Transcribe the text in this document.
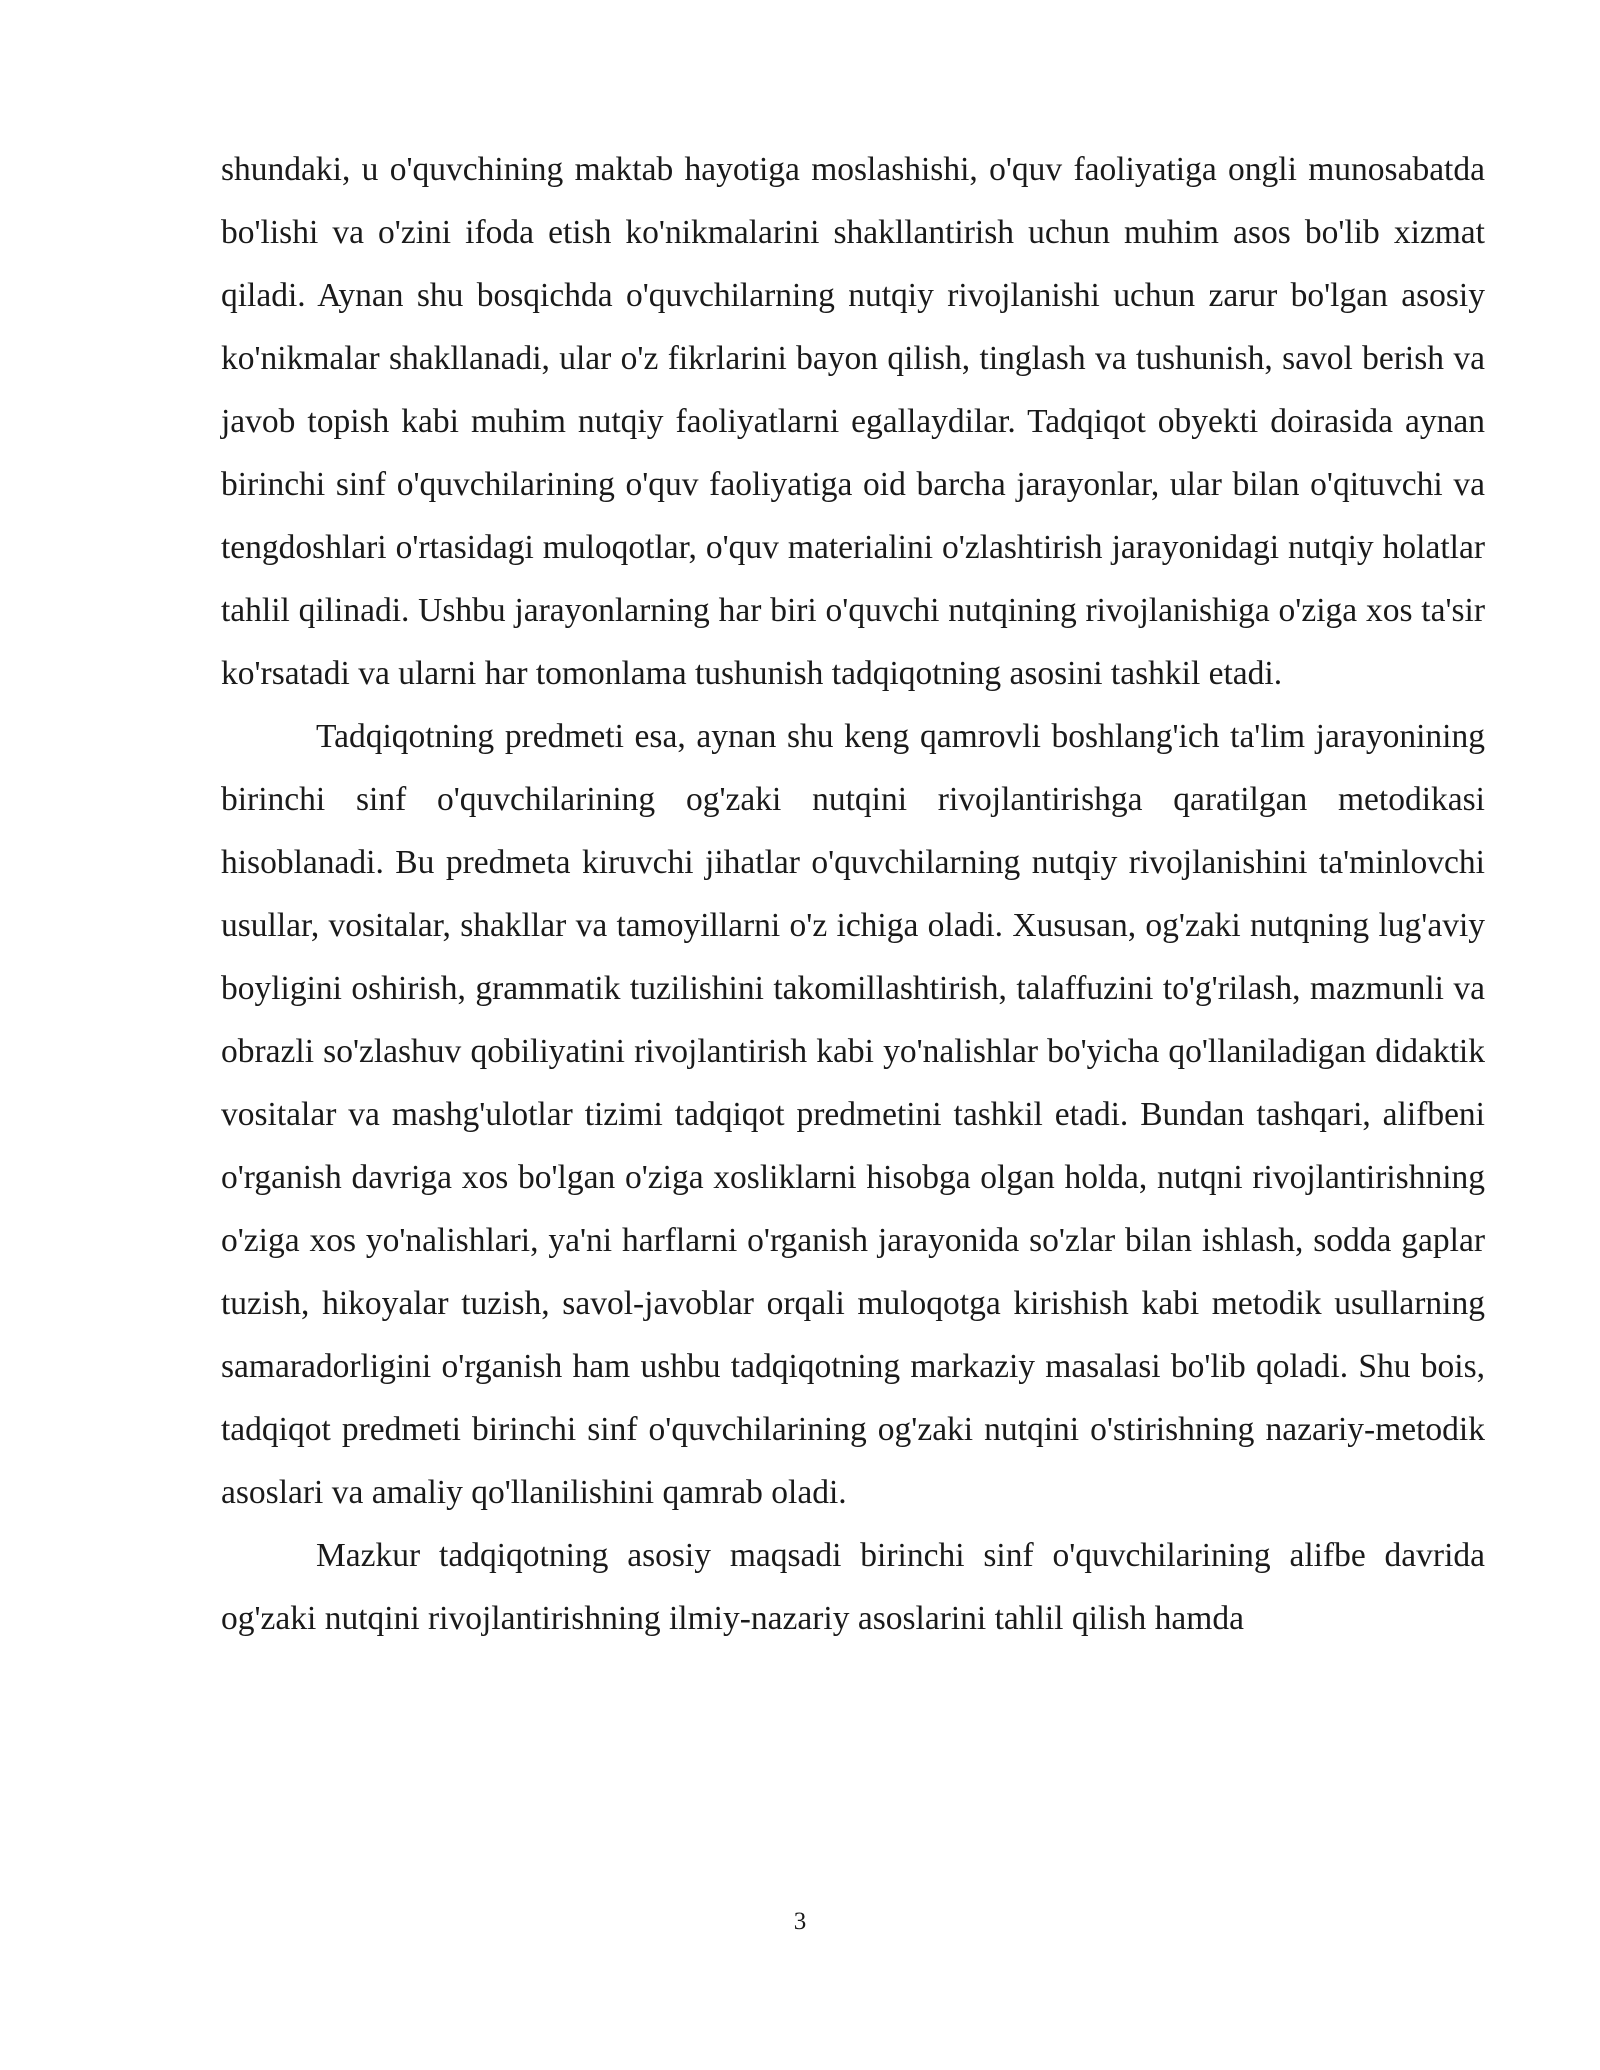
shundaki, u o'quvchining maktab hayotiga moslashishi, o'quv faoliyatiga ongli munosabatda bo'lishi va o'zini ifoda etish ko'nikmalarini shakllantirish uchun muhim asos bo'lib xizmat qiladi. Aynan shu bosqichda o'quvchilarning nutqiy rivojlanishi uchun zarur bo'lgan asosiy ko'nikmalar shakllanadi, ular o'z fikrlarini bayon qilish, tinglash va tushunish, savol berish va javob topish kabi muhim nutqiy faoliyatlarni egallaydilar. Tadqiqot obyekti doirasida aynan birinchi sinf o'quvchilarining o'quv faoliyatiga oid barcha jarayonlar, ular bilan o'qituvchi va tengdoshlari o'rtasidagi muloqotlar, o'quv materialini o'zlashtirish jarayonidagi nutqiy holatlar tahlil qilinadi. Ushbu jarayonlarning har biri o'quvchi nutqining rivojlanishiga o'ziga xos ta'sir ko'rsatadi va ularni har tomonlama tushunish tadqiqotning asosini tashkil etadi.

Tadqiqotning predmeti esa, aynan shu keng qamrovli boshlang'ich ta'lim jarayonining birinchi sinf o'quvchilarining og'zaki nutqini rivojlantirishga qaratilgan metodikasi hisoblanadi. Bu predmeta kiruvchi jihatlar o'quvchilarning nutqiy rivojlanishini ta'minlovchi usullar, vositalar, shakllar va tamoyillarni o'z ichiga oladi. Xususan, og'zaki nutqning lug'aviy boyligini oshirish, grammatik tuzilishini takomillashtirish, talaffuzini to'g'rilash, mazmunli va obrazli so'zlashuv qobiliyatini rivojlantirish kabi yo'nalishlar bo'yicha qo'llaniladigan didaktik vositalar va mashg'ulotlar tizimi tadqiqot predmetini tashkil etadi. Bundan tashqari, alifbeni o'rganish davriga xos bo'lgan o'ziga xosliklarni hisobga olgan holda, nutqni rivojlantirishning o'ziga xos yo'nalishlari, ya'ni harflarni o'rganish jarayonida so'zlar bilan ishlash, sodda gaplar tuzish, hikoyalar tuzish, savol-javoblar orqali muloqotga kirishish kabi metodik usullarning samaradorligini o'rganish ham ushbu tadqiqotning markaziy masalasi bo'lib qoladi. Shu bois, tadqiqot predmeti birinchi sinf o'quvchilarining og'zaki nutqini o'stirishning nazariy-metodik asoslari va amaliy qo'llanilishini qamrab oladi.

Mazkur tadqiqotning asosiy maqsadi birinchi sinf o'quvchilarining alifbe davrida og'zaki nutqini rivojlantirishning ilmiy-nazariy asoslarini tahlil qilish hamda

3
